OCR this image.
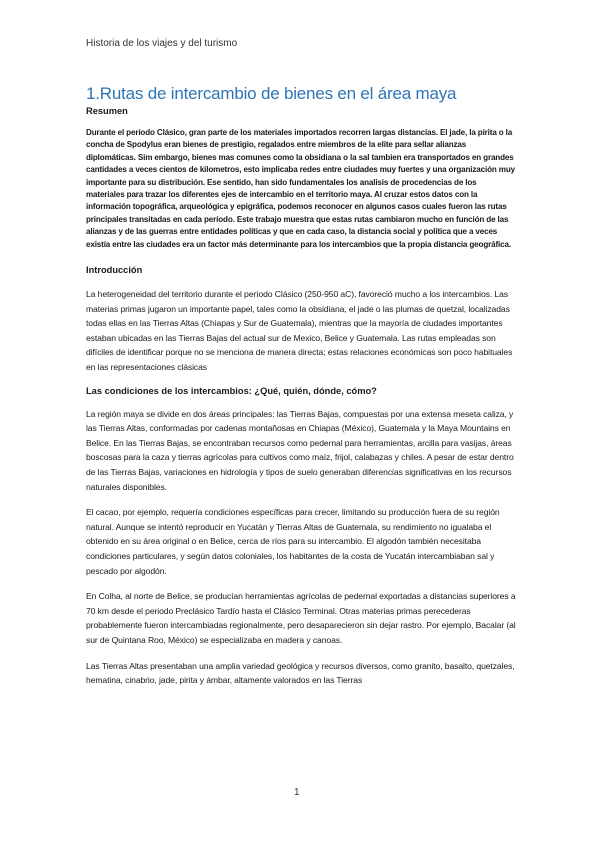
Historia de los viajes y del turismo
1.Rutas de intercambio de bienes en el área maya

Resumen

Durante el período Clásico, gran parte de los materiales importados recorren largas distancias. El jade, la pirita o la concha de Spodylus eran bienes de prestigio, regalados entre miembros de la elite para sellar alianzas diplomáticas. Sim embargo, bienes mas comunes como la obsidiana o la sal tambien era transportados en grandes cantidades a veces cientos de kilometros, esto implicaba redes entre ciudades muy fuertes y una organización muy importante para su distribución. Ese sentido, han sido fundamentales los analisis de procedencias de los materiales para trazar los diferentes ejes de intercambio en el territorio maya. Al cruzar estos datos con la información topográfica, arqueológica y epigráfica, podemos reconocer en algunos casos cuales fueron las rutas principales transitadas en cada período. Este trabajo muestra que estas rutas cambiaron mucho en función de las alianzas y de las guerras entre entidades políticas y que en cada caso, la distancia social y política que a veces existía entre las ciudades era un factor más determinante para los intercambios que la propia distancia geográfica.

Introducción

La heterogeneidad del territorio durante el período Clásico (250-950 aC), favoreció mucho a los intercambios. Las materias primas jugaron un importante papel, tales como la obsidiana, el jade o las plumas de quetzal, localizadas todas ellas en las Tierras Altas (Chiapas y Sur de Guatemala), mientras que la mayoría de ciudades importantes estaban ubicadas en las Tierras Bajas del actual sur de Mexico, Belice y Guatemala. Las rutas empleadas son difíciles de identificar porque no se menciona de manera directa; estas relaciones económicas son poco habituales en las representaciones clásicas

Las condiciones de los intercambios: ¿Qué, quién, dónde, cómo?

La región maya se divide en dos áreas principales: las Tierras Bajas, compuestas por una extensa meseta caliza, y las Tierras Altas, conformadas por cadenas montañosas en Chiapas (México), Guatemala y la Maya Mountains en Belice. En las Tierras Bajas, se encontraban recursos como pedernal para herramientas, arcilla para vasijas, áreas boscosas para la caza y tierras agrícolas para cultivos como maíz, frijol, calabazas y chiles. A pesar de estar dentro de las Tierras Bajas, variaciones en hidrología y tipos de suelo generaban diferencias significativas en los recursos naturales disponibles.

El cacao, por ejemplo, requería condiciones específicas para crecer, limitando su producción fuera de su región natural. Aunque se intentó reproducir en Yucatán y Tierras Altas de Guatemala, su rendimiento no igualaba el obtenido en su área original o en Belice, cerca de ríos para su intercambio. El algodón también necesitaba condiciones particulares, y según datos coloniales, los habitantes de la costa de Yucatán intercambiaban sal y pescado por algodón.

En Colha, al norte de Belice, se producían herramientas agrícolas de pedernal exportadas a distancias superiores a 70 km desde el periodo Preclásico Tardío hasta el Clásico Terminal. Otras materias primas perecederas probablemente fueron intercambiadas regionalmente, pero desaparecieron sin dejar rastro. Por ejemplo, Bacalar (al sur de Quintana Roo, México) se especializaba en madera y canoas.

Las Tierras Altas presentaban una amplia variedad geológica y recursos diversos, como granito, basalto, quetzales, hematina, cinabrio, jade, pirita y ámbar, altamente valorados en las Tierras

1
